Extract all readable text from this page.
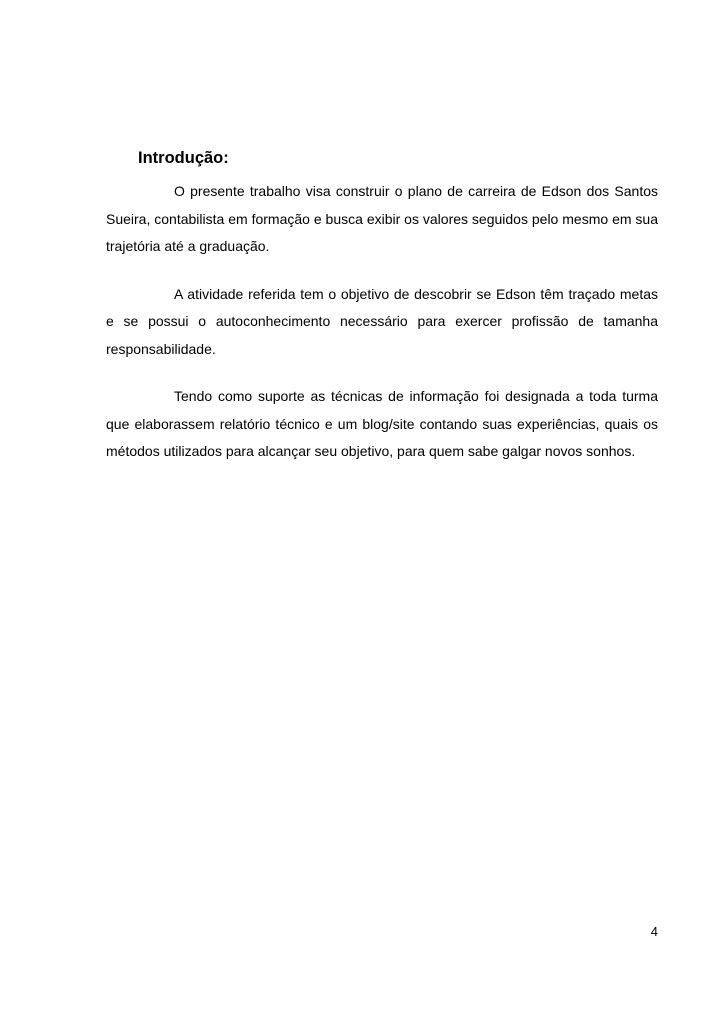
Introdução:

O presente trabalho visa construir o plano de carreira de Edson dos Santos Sueira, contabilista em formação e busca exibir os valores seguidos pelo mesmo em sua trajetória até a graduação.

A atividade referida tem o objetivo de descobrir se Edson têm traçado metas e se possui o autoconhecimento necessário para exercer profissão de tamanha responsabilidade.

Tendo como suporte as técnicas de informação foi designada a toda turma que elaborassem relatório técnico e um blog/site contando suas experiências, quais os métodos utilizados para alcançar seu objetivo, para quem sabe galgar novos sonhos.

4
